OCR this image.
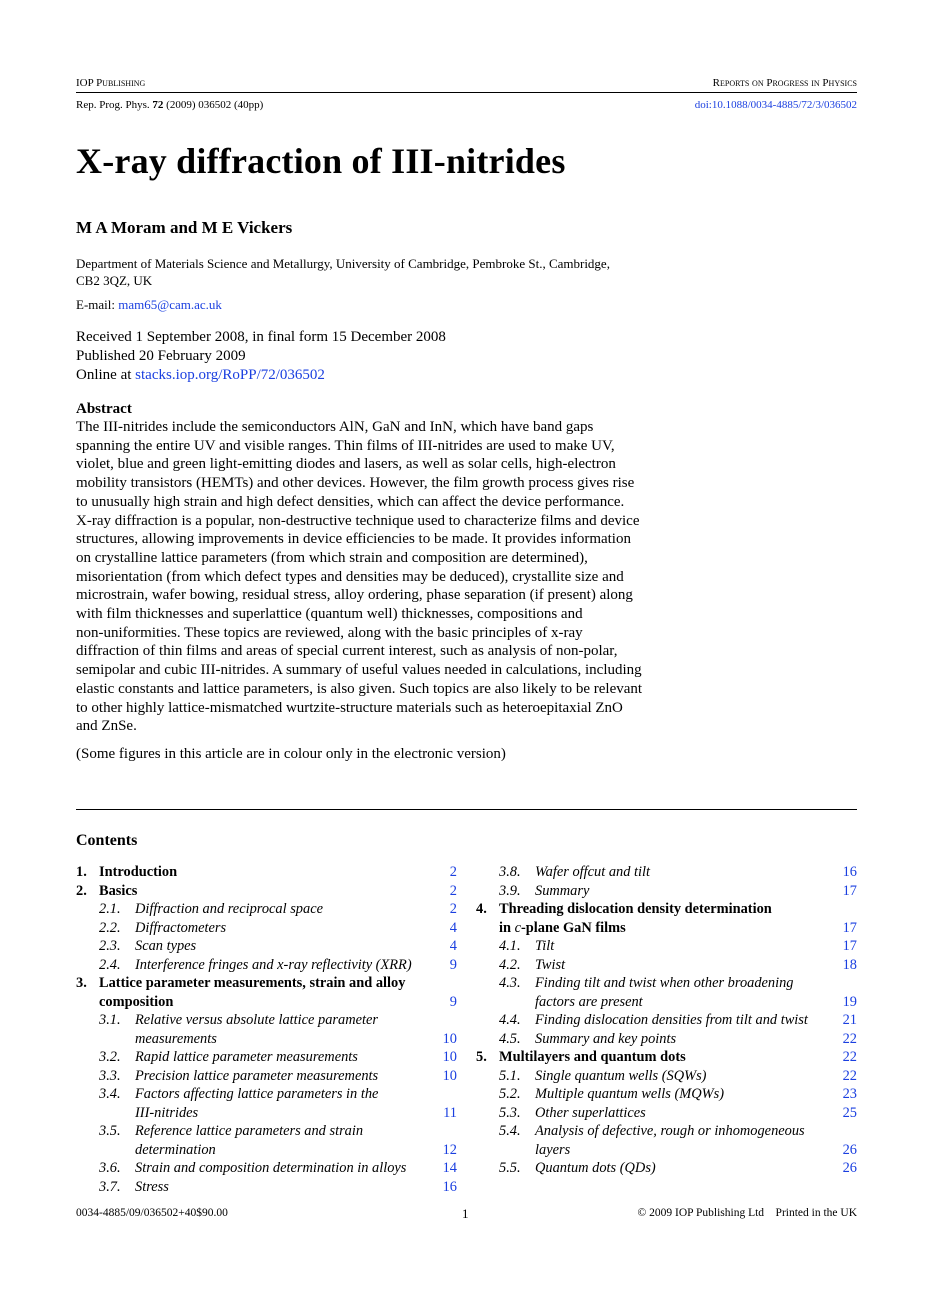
IOP Publishing	Reports on Progress in Physics
Rep. Prog. Phys. 72 (2009) 036502 (40pp)	doi:10.1088/0034-4885/72/3/036502
X-ray diffraction of III-nitrides
M A Moram and M E Vickers
Department of Materials Science and Metallurgy, University of Cambridge, Pembroke St., Cambridge,
CB2 3QZ, UK
E-mail: mam65@cam.ac.uk
Received 1 September 2008, in final form 15 December 2008
Published 20 February 2009
Online at stacks.iop.org/RoPP/72/036502
Abstract
The III-nitrides include the semiconductors AlN, GaN and InN, which have band gaps
spanning the entire UV and visible ranges. Thin films of III-nitrides are used to make UV,
violet, blue and green light-emitting diodes and lasers, as well as solar cells, high-electron
mobility transistors (HEMTs) and other devices. However, the film growth process gives rise
to unusually high strain and high defect densities, which can affect the device performance.
X-ray diffraction is a popular, non-destructive technique used to characterize films and device
structures, allowing improvements in device efficiencies to be made. It provides information
on crystalline lattice parameters (from which strain and composition are determined),
misorientation (from which defect types and densities may be deduced), crystallite size and
microstrain, wafer bowing, residual stress, alloy ordering, phase separation (if present) along
with film thicknesses and superlattice (quantum well) thicknesses, compositions and
non-uniformities. These topics are reviewed, along with the basic principles of x-ray
diffraction of thin films and areas of special current interest, such as analysis of non-polar,
semipolar and cubic III-nitrides. A summary of useful values needed in calculations, including
elastic constants and lattice parameters, is also given. Such topics are also likely to be relevant
to other highly lattice-mismatched wurtzite-structure materials such as heteroepitaxial ZnO
and ZnSe.
(Some figures in this article are in colour only in the electronic version)
Contents
1. Introduction	2
2. Basics	2
2.1. Diffraction and reciprocal space	2
2.2. Diffractometers	4
2.3. Scan types	4
2.4. Interference fringes and x-ray reflectivity (XRR)	9
3. Lattice parameter measurements, strain and alloy
composition	9
3.1. Relative versus absolute lattice parameter
measurements	10
3.2. Rapid lattice parameter measurements	10
3.3. Precision lattice parameter measurements	10
3.4. Factors affecting lattice parameters in the
III-nitrides	11
3.5. Reference lattice parameters and strain
determination	12
3.6. Strain and composition determination in alloys	14
3.7. Stress	16
3.8. Wafer offcut and tilt	16
3.9. Summary	17
4. Threading dislocation density determination
in c-plane GaN films	17
4.1. Tilt	17
4.2. Twist	18
4.3. Finding tilt and twist when other broadening
factors are present	19
4.4. Finding dislocation densities from tilt and twist 21
4.5. Summary and key points	22
5. Multilayers and quantum dots	22
5.1. Single quantum wells (SQWs)	22
5.2. Multiple quantum wells (MQWs)	23
5.3. Other superlattices	25
5.4. Analysis of defective, rough or inhomogeneous
layers	26
5.5. Quantum dots (QDs)	26
0034-4885/09/036502+40$90.00	1	© 2009 IOP Publishing Ltd Printed in the UK
